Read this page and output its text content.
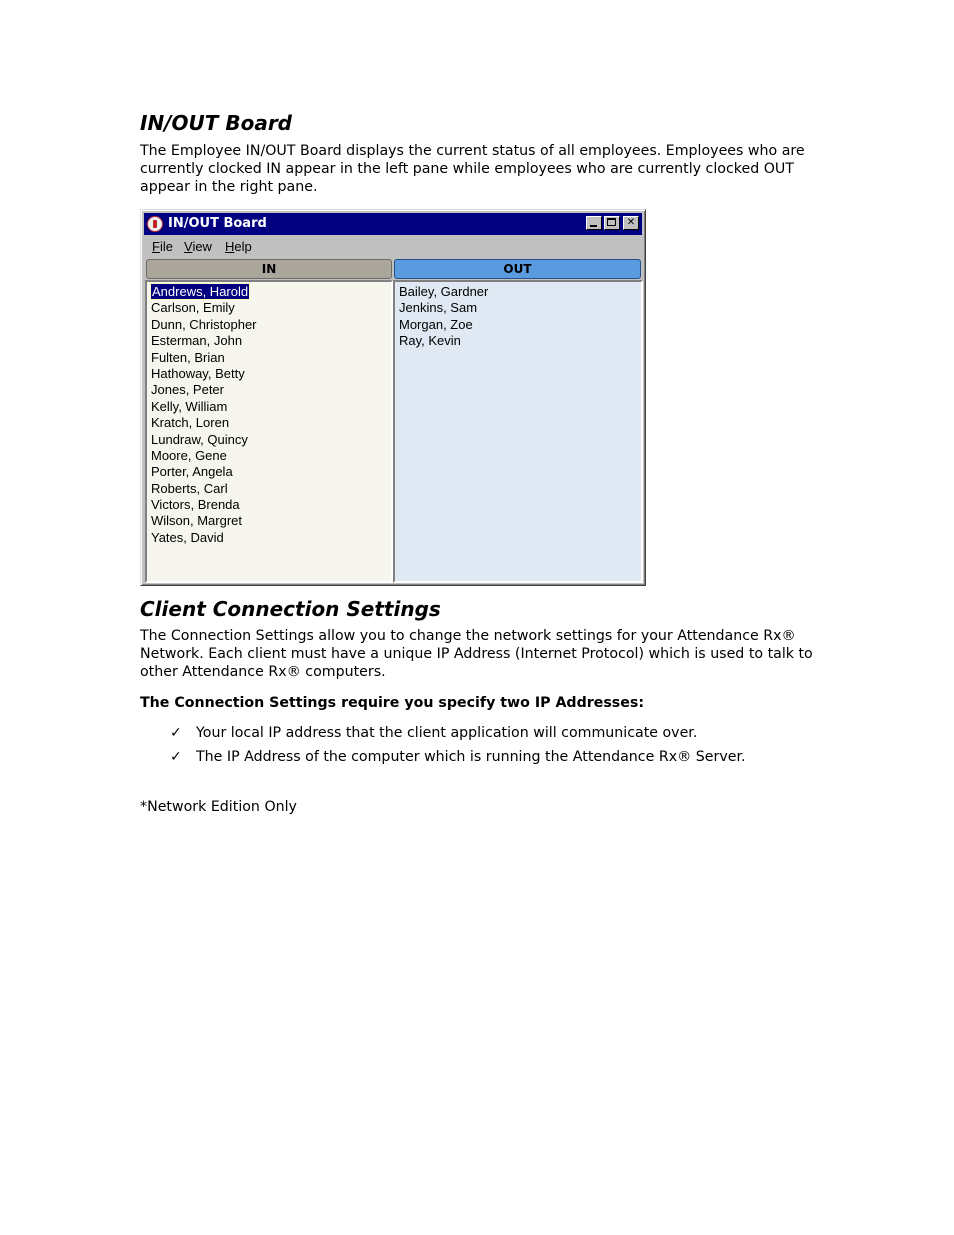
IN/OUT Board

The Employee IN/OUT Board displays the current status of all employees. Employees who are currently clocked IN appear in the left pane while employees who are currently clocked OUT appear in the right pane.

Client Connection Settings

The Connection Settings allow you to change the network settings for your Attendance Rx® Network. Each client must have a unique IP Address (Internet Protocol) which is used to talk to other Attendance Rx® computers.

The Connection Settings require you specify two IP Addresses:

✓ Your local IP address that the client application will communicate over.
✓ The IP Address of the computer which is running the Attendance Rx® Server.

*Network Edition Only

IN/OUT Board	✕
File View Help
IN	OUT
Andrews, Harold
Carlson, Emily
Dunn, Christopher
Esterman, John
Fulten, Brian
Hathoway, Betty
Jones, Peter
Kelly, William
Kratch, Loren
Lundraw, Quincy
Moore, Gene
Porter, Angela
Roberts, Carl
Victors, Brenda
Wilson, Margret
Yates, David
Bailey, Gardner
Jenkins, Sam
Morgan, Zoe
Ray, Kevin
